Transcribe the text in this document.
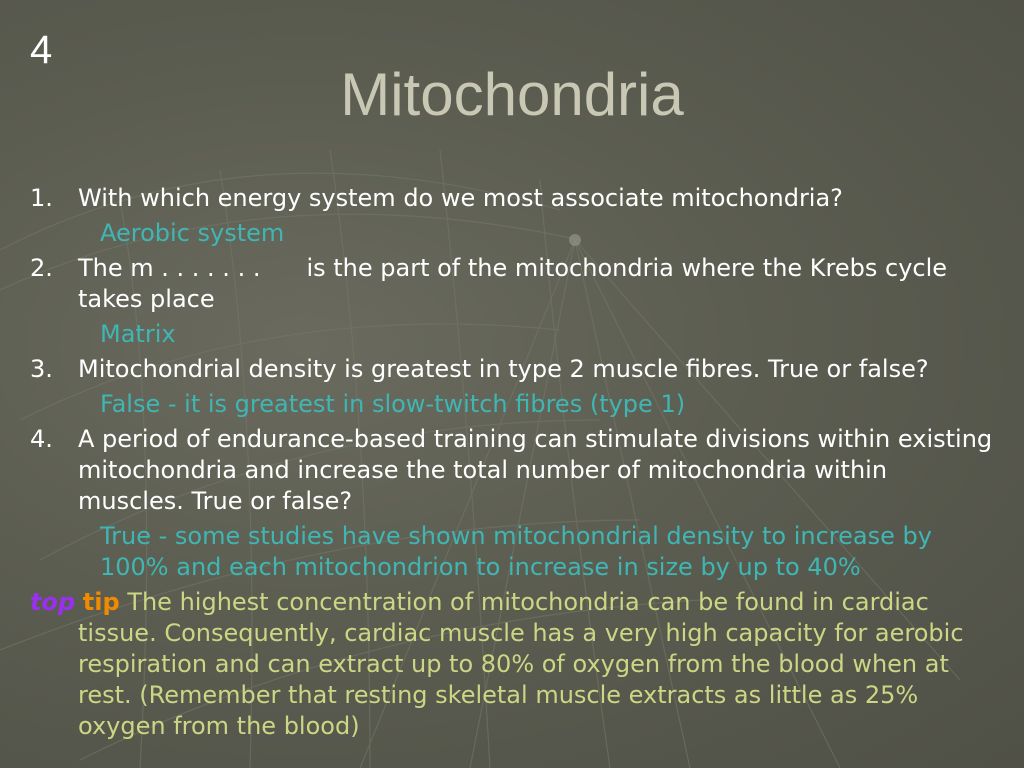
4
Mitochondria
1. With which energy system do we most associate mitochondria?
Aerobic system
2. The m . . . . . . . is the part of the mitochondria where the Krebs cycle takes place
Matrix
3. Mitochondrial density is greatest in type 2 muscle fibres. True or false?
False - it is greatest in slow-twitch fibres (type 1)
4. A period of endurance-based training can stimulate divisions within existing mitochondria and increase the total number of mitochondria within muscles. True or false?
True - some studies have shown mitochondrial density to increase by 100% and each mitochondrion to increase in size by up to 40%
top tip The highest concentration of mitochondria can be found in cardiac tissue. Consequently, cardiac muscle has a very high capacity for aerobic respiration and can extract up to 80% of oxygen from the blood when at rest. (Remember that resting skeletal muscle extracts as little as 25% oxygen from the blood)
